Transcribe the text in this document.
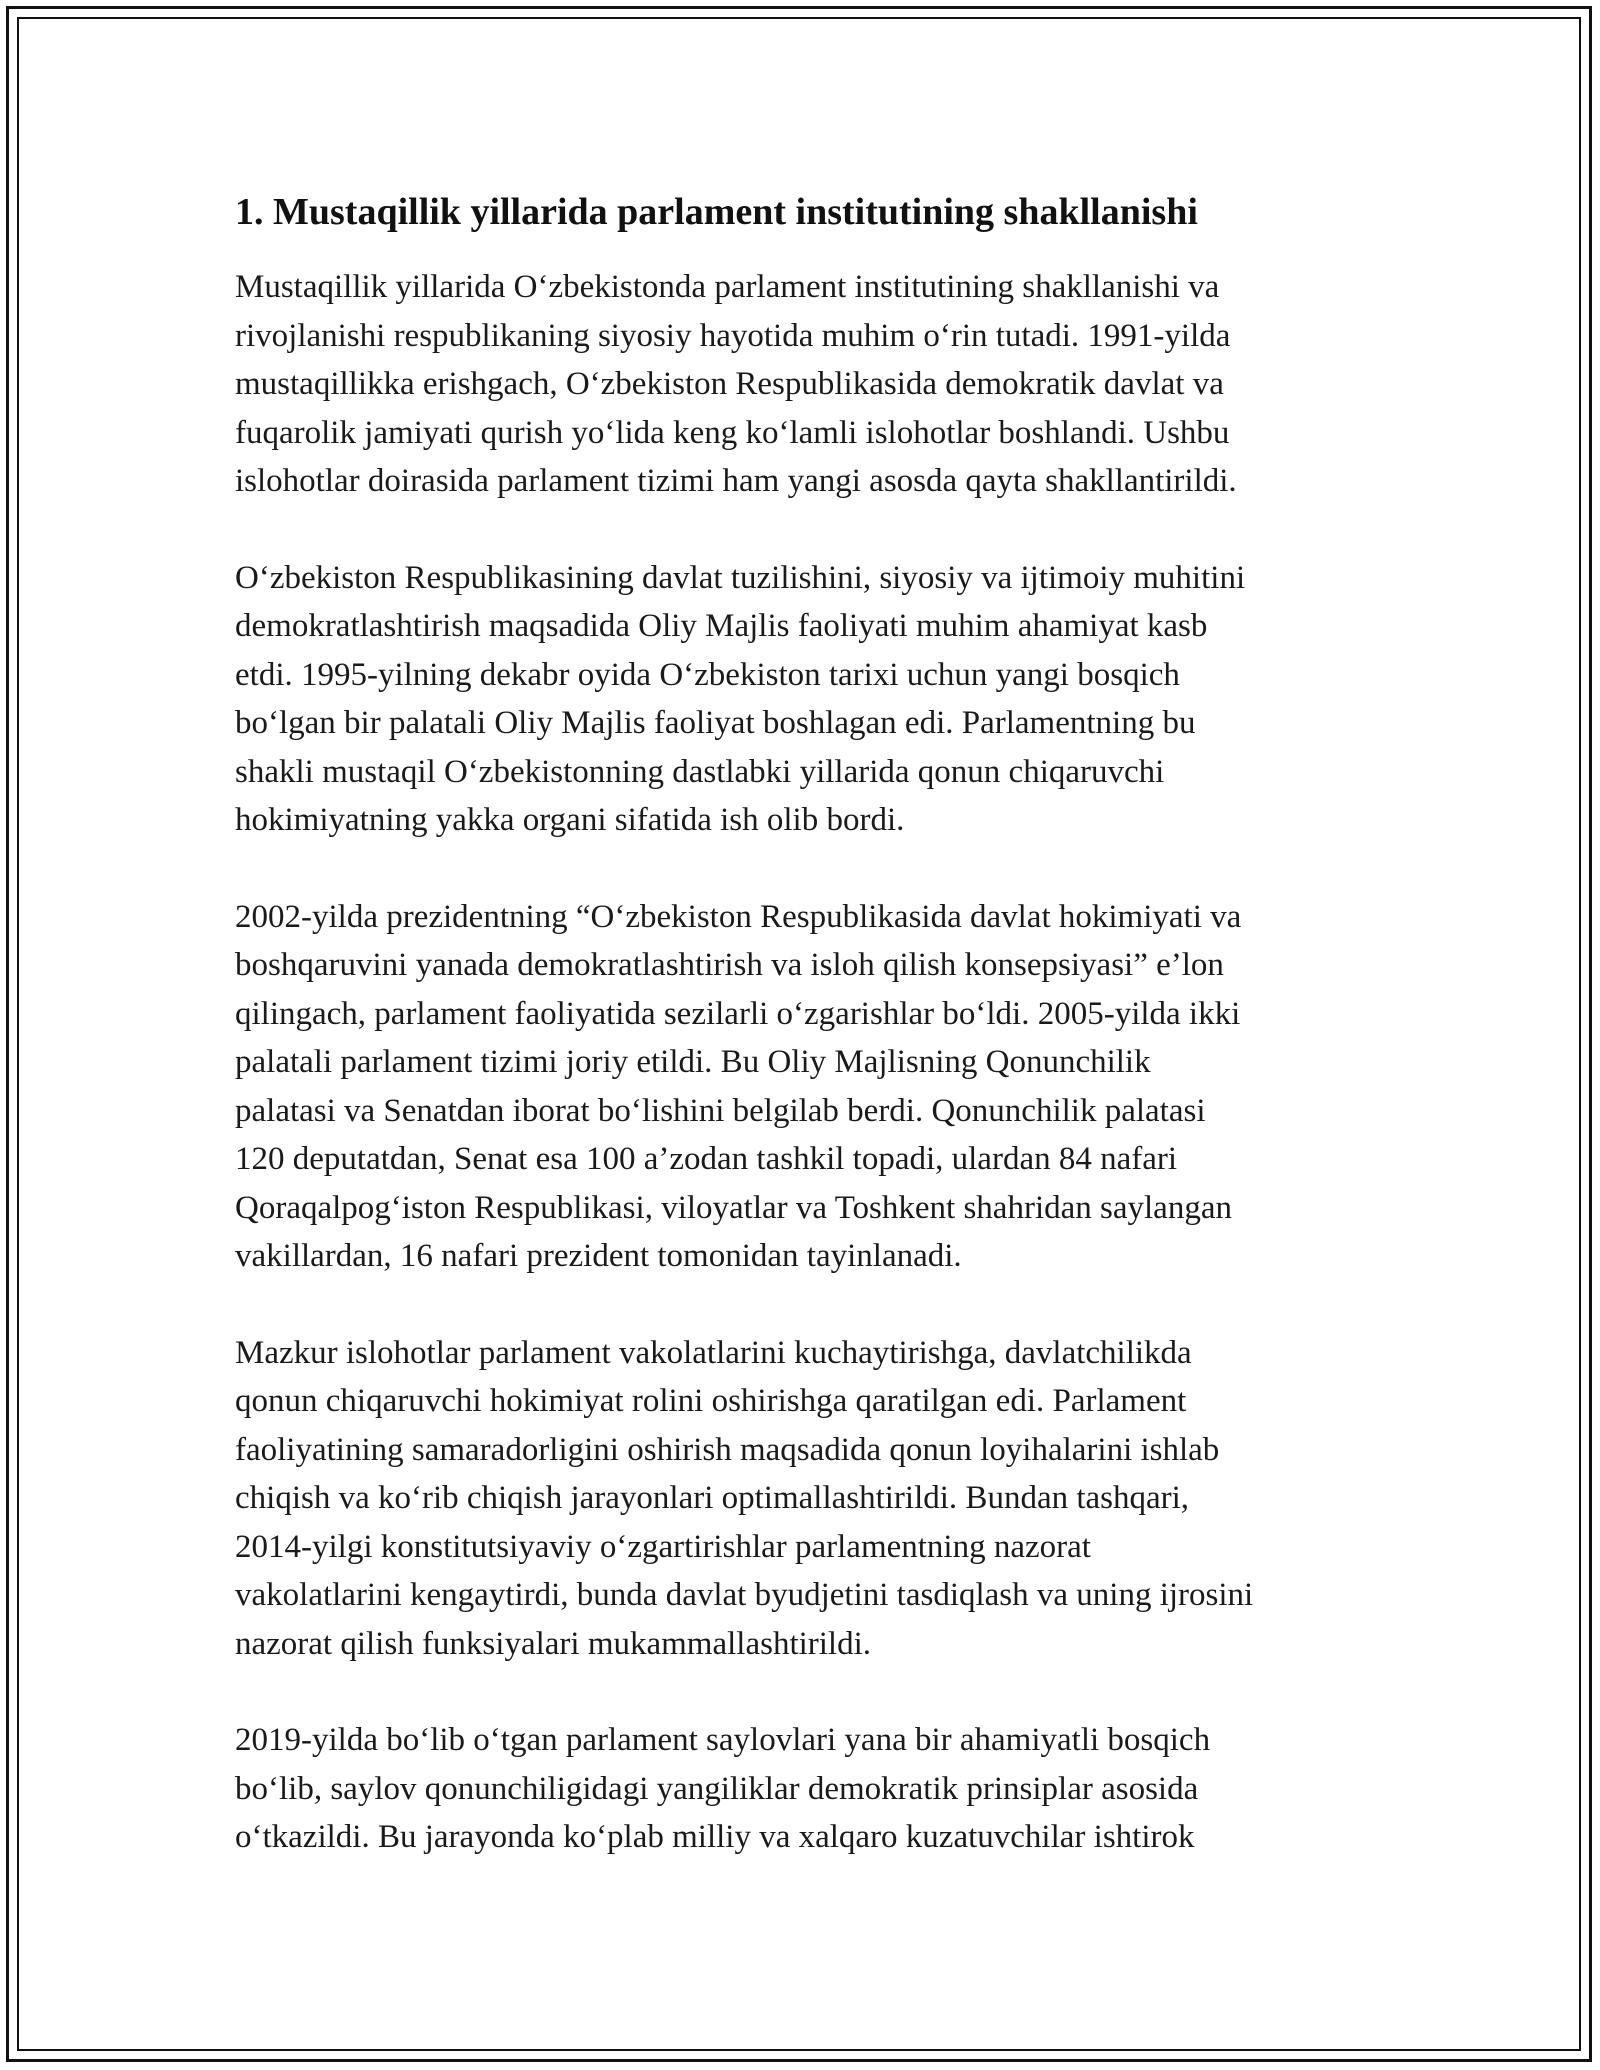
1. Mustaqillik yillarida parlament institutining shakllanishi
Mustaqillik yillarida O‘zbekistonda parlament institutining shakllanishi va
rivojlanishi respublikaning siyosiy hayotida muhim o‘rin tutadi. 1991-yilda
mustaqillikka erishgach, O‘zbekiston Respublikasida demokratik davlat va
fuqarolik jamiyati qurish yo‘lida keng ko‘lamli islohotlar boshlandi. Ushbu
islohotlar doirasida parlament tizimi ham yangi asosda qayta shakllantirildi.
O‘zbekiston Respublikasining davlat tuzilishini, siyosiy va ijtimoiy muhitini
demokratlashtirish maqsadida Oliy Majlis faoliyati muhim ahamiyat kasb
etdi. 1995-yilning dekabr oyida O‘zbekiston tarixi uchun yangi bosqich
bo‘lgan bir palatali Oliy Majlis faoliyat boshlagan edi. Parlamentning bu
shakli mustaqil O‘zbekistonning dastlabki yillarida qonun chiqaruvchi
hokimiyatning yakka organi sifatida ish olib bordi.
2002-yilda prezidentning “O‘zbekiston Respublikasida davlat hokimiyati va
boshqaruvini yanada demokratlashtirish va isloh qilish konsepsiyasi” e’lon
qilingach, parlament faoliyatida sezilarli o‘zgarishlar bo‘ldi. 2005-yilda ikki
palatali parlament tizimi joriy etildi. Bu Oliy Majlisning Qonunchilik
palatasi va Senatdan iborat bo‘lishini belgilab berdi. Qonunchilik palatasi
120 deputatdan, Senat esa 100 a’zodan tashkil topadi, ulardan 84 nafari
Qoraqalpog‘iston Respublikasi, viloyatlar va Toshkent shahridan saylangan
vakillardan, 16 nafari prezident tomonidan tayinlanadi.
Mazkur islohotlar parlament vakolatlarini kuchaytirishga, davlatchilikda
qonun chiqaruvchi hokimiyat rolini oshirishga qaratilgan edi. Parlament
faoliyatining samaradorligini oshirish maqsadida qonun loyihalarini ishlab
chiqish va ko‘rib chiqish jarayonlari optimallashtirildi. Bundan tashqari,
2014-yilgi konstitutsiyaviy o‘zgartirishlar parlamentning nazorat
vakolatlarini kengaytirdi, bunda davlat byudjetini tasdiqlash va uning ijrosini
nazorat qilish funksiyalari mukammallashtirildi.
2019-yilda bo‘lib o‘tgan parlament saylovlari yana bir ahamiyatli bosqich
bo‘lib, saylov qonunchiligidagi yangiliklar demokratik prinsiplar asosida
o‘tkazildi. Bu jarayonda ko‘plab milliy va xalqaro kuzatuvchilar ishtirok
